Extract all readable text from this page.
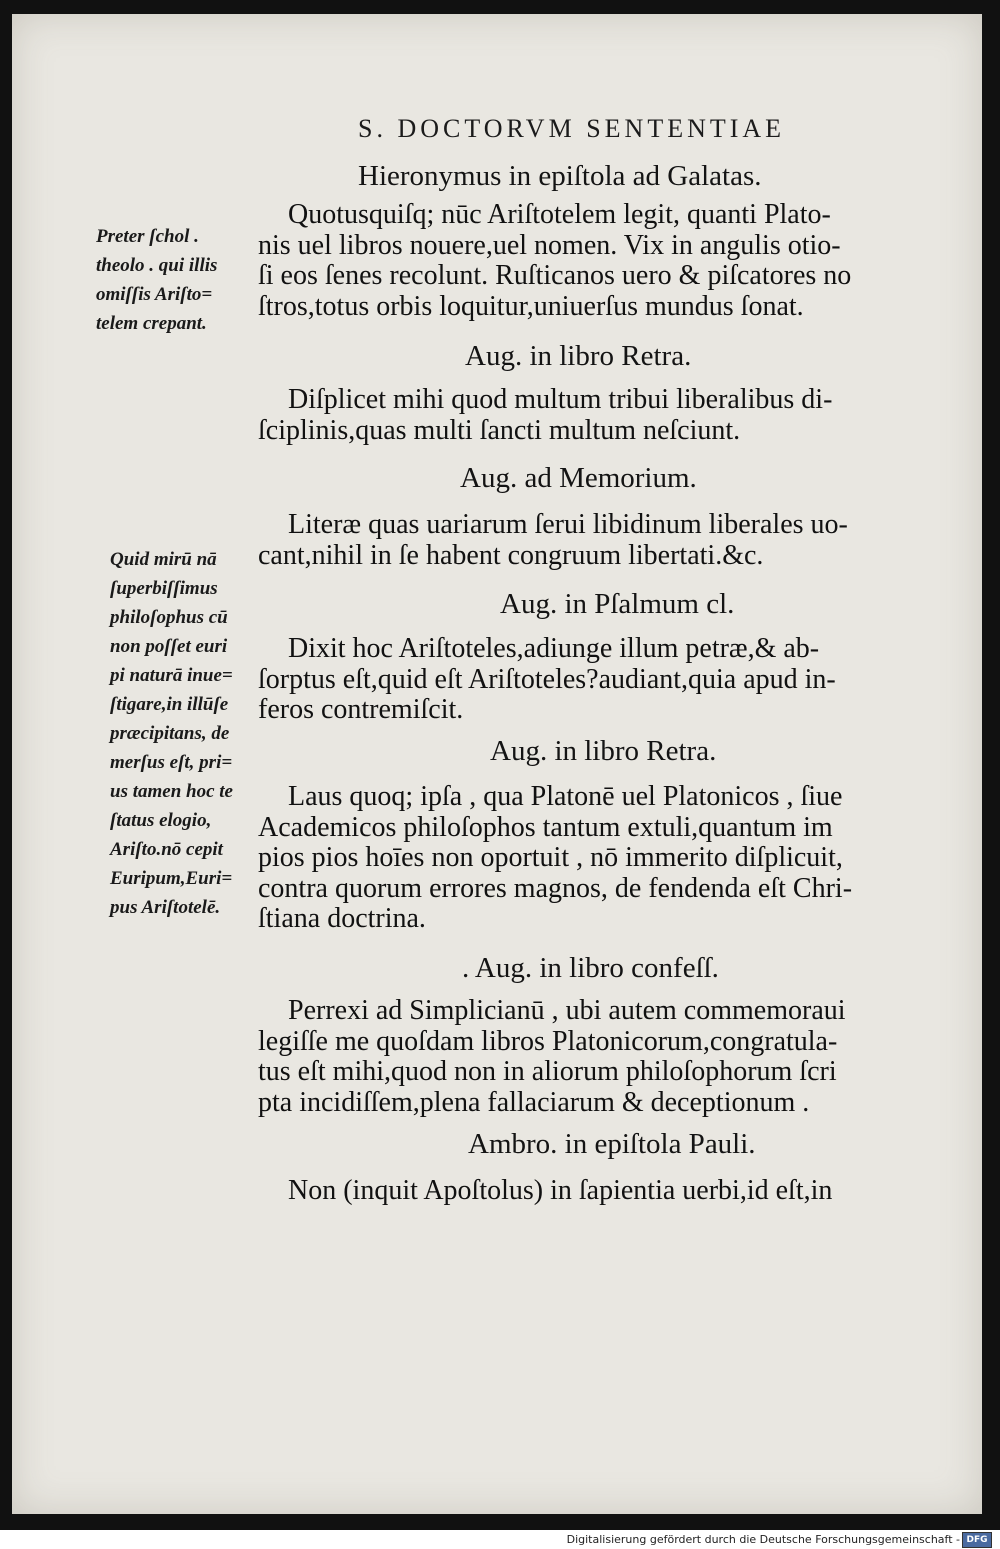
S. DOCTORVM SENTENTIAE
Hieronymus in epiſtola ad Galatas.
Quotusquiſq; nūc Ariſtotelem legit, quanti Plato-
nis uel libros nouere,uel nomen. Vix in angulis otio-
ſi eos ſenes recolunt. Ruſticanos uero & piſcatores no
ſtros,totus orbis loquitur,uniuerſus mundus ſonat.
Aug. in libro Retra.
Diſplicet mihi quod multum tribui liberalibus di-
ſciplinis,quas multi ſancti multum neſciunt.
Aug. ad Memorium.
Literæ quas uariarum ſerui libidinum liberales uo-
cant,nihil in ſe habent congruum libertati.&c.
Aug. in Pſalmum cl.
Dixit hoc Ariſtoteles,adiunge illum petræ,& ab-
ſorptus eſt,quid eſt Ariſtoteles?audiant,quia apud in-
feros contremiſcit.
Aug. in libro Retra.
Laus quoq; ipſa , qua Platonē uel Platonicos , ſiue
Academicos philoſophos tantum extuli,quantum im
pios pios hoīes non oportuit , nō immerito diſplicuit,
contra quorum errores magnos, de fendenda eſt Chri-
ſtiana doctrina.
. Aug. in libro confeſſ.
Perrexi ad Simplicianū , ubi autem commemoraui
legiſſe me quoſdam libros Platonicorum,congratula-
tus eſt mihi,quod non in aliorum philoſophorum ſcri
pta incidiſſem,plena fallaciarum & deceptionum .
Ambro. in epiſtola Pauli.
Non (inquit Apoſtolus) in ſapientia uerbi,id eſt,in
Preter ſchol .
theolo . qui illis
omiſſis Ariſto=
telem crepant.
Quid mirū nā
ſuperbiſſimus
philoſophus cū
non poſſet euri
pi naturā inue=
ſtigare,in illūſe
præcipitans, de
merſus eſt, pri=
us tamen hoc te
ſtatus elogio,
Ariſto.nō cepit
Euripum,Euri=
pus Ariſtotelē.
Digitalisierung gefördert durch die Deutsche Forschungsgemeinschaft - DFG
